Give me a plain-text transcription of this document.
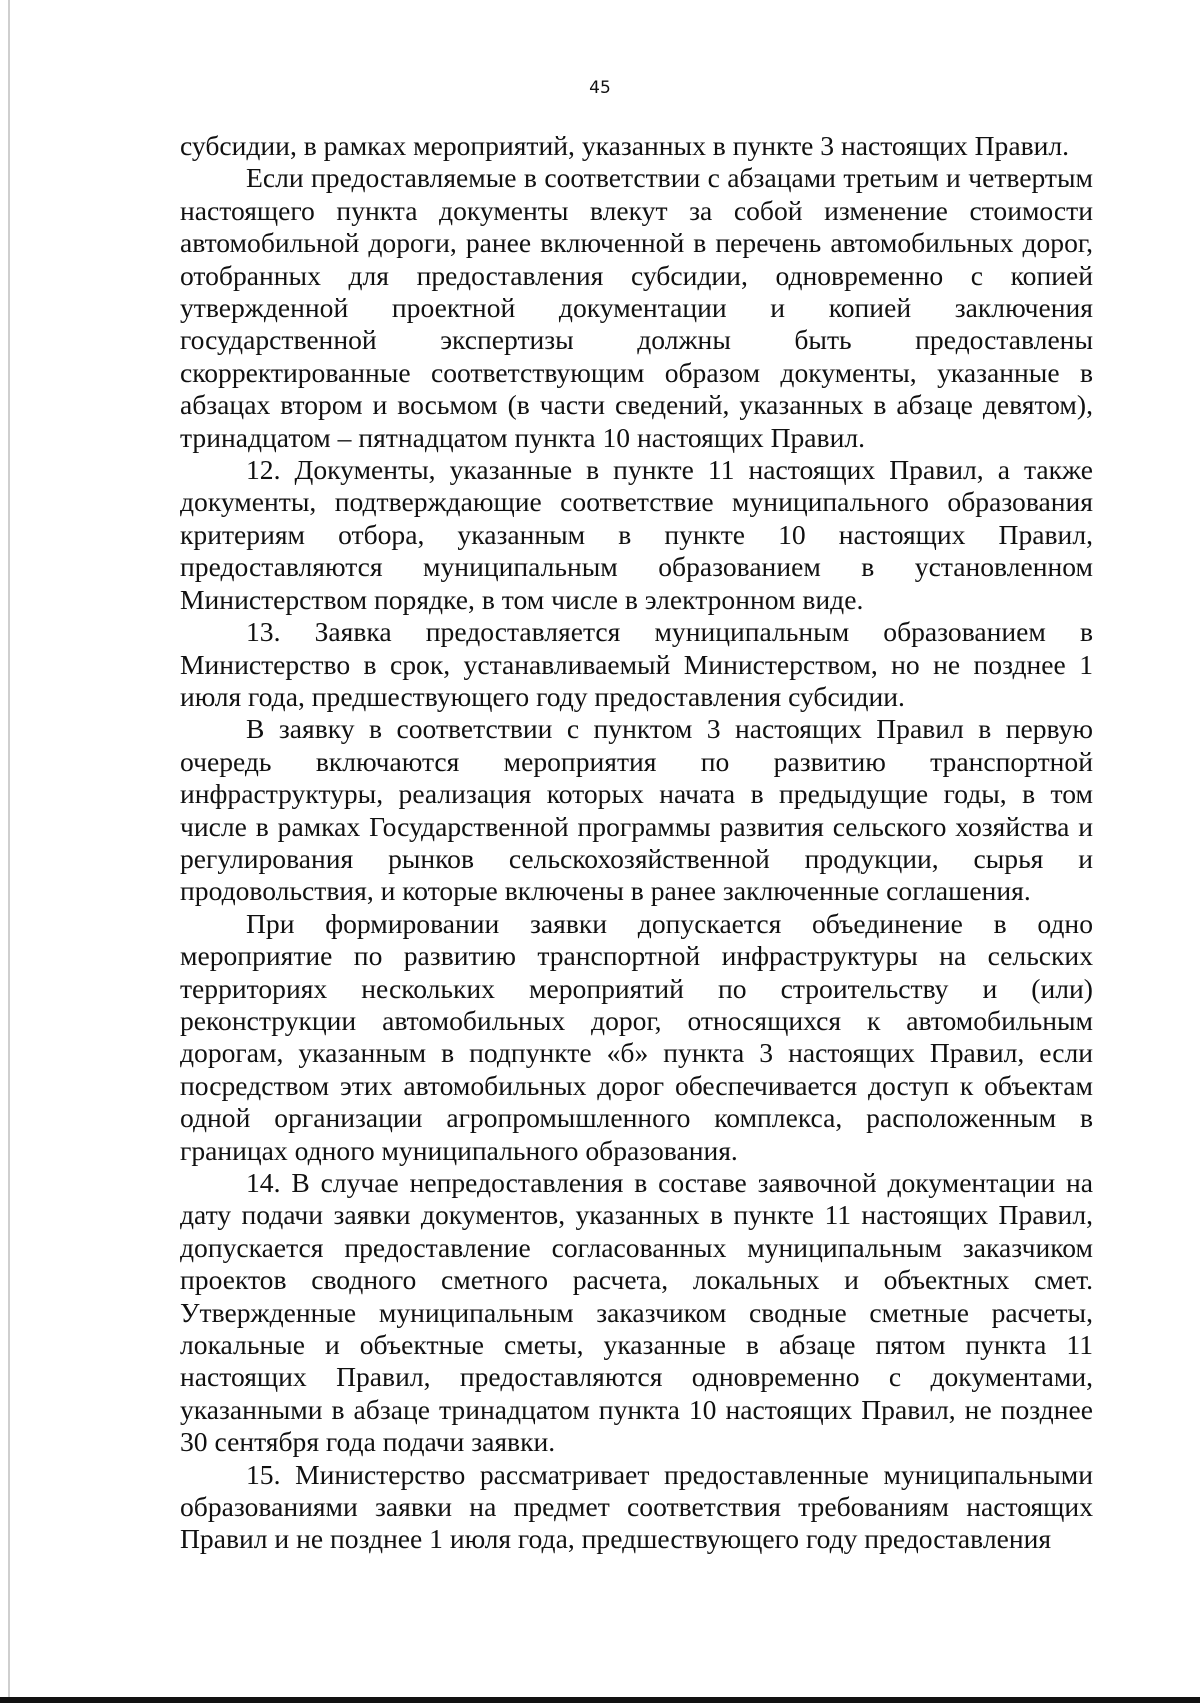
45

субсидии, в рамках мероприятий, указанных в пункте 3 настоящих Правил.

Если предоставляемые в соответствии с абзацами третьим и четвертым настоящего пункта документы влекут за собой изменение стоимости автомобильной дороги, ранее включенной в перечень автомобильных дорог, отобранных для предоставления субсидии, одновременно с копией утвержденной проектной документации и копией заключения государственной экспертизы должны быть предоставлены скорректированные соответствующим образом документы, указанные в абзацах втором и восьмом (в части сведений, указанных в абзаце девятом), тринадцатом – пятнадцатом пункта 10 настоящих Правил.

12. Документы, указанные в пункте 11 настоящих Правил, а также документы, подтверждающие соответствие муниципального образования критериям отбора, указанным в пункте 10 настоящих Правил, предоставляются муниципальным образованием в установленном Министерством порядке, в том числе в электронном виде.

13. Заявка предоставляется муниципальным образованием в Министерство в срок, устанавливаемый Министерством, но не позднее 1 июля года, предшествующего году предоставления субсидии.

В заявку в соответствии с пунктом 3 настоящих Правил в первую очередь включаются мероприятия по развитию транспортной инфраструктуры, реализация которых начата в предыдущие годы, в том числе в рамках Государственной программы развития сельского хозяйства и регулирования рынков сельскохозяйственной продукции, сырья и продовольствия, и которые включены в ранее заключенные соглашения.

При формировании заявки допускается объединение в одно мероприятие по развитию транспортной инфраструктуры на сельских территориях нескольких мероприятий по строительству и (или) реконструкции автомобильных дорог, относящихся к автомобильным дорогам, указанным в подпункте «б» пункта 3 настоящих Правил, если посредством этих автомобильных дорог обеспечивается доступ к объектам одной организации агропромышленного комплекса, расположенным в границах одного муниципального образования.

14. В случае непредоставления в составе заявочной документации на дату подачи заявки документов, указанных в пункте 11 настоящих Правил, допускается предоставление согласованных муниципальным заказчиком проектов сводного сметного расчета, локальных и объектных смет. Утвержденные муниципальным заказчиком сводные сметные расчеты, локальные и объектные сметы, указанные в абзаце пятом пункта 11 настоящих Правил, предоставляются одновременно с документами, указанными в абзаце тринадцатом пункта 10 настоящих Правил, не позднее 30 сентября года подачи заявки.

15. Министерство рассматривает предоставленные муниципальными образованиями заявки на предмет соответствия требованиям настоящих Правил и не позднее 1 июля года, предшествующего году предоставления
